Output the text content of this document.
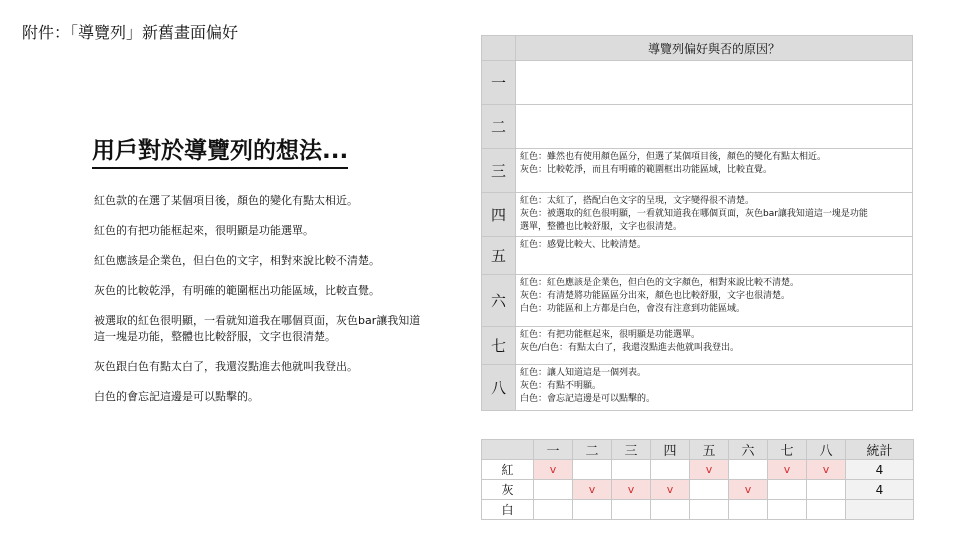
附件：「導覽列」新舊畫面偏好
用戶對於導覽列的想法...

紅色款的在選了某個項目後，顏色的變化有點太相近。

紅色的有把功能框起來，很明顯是功能選單。

紅色應該是企業色，但白色的文字，相對來說比較不清楚。

灰色的比較乾淨，有明確的範圍框出功能區域，比較直覺。

被選取的紅色很明顯，一看就知道我在哪個頁面，灰色bar讓我知道這一塊是功能，整體也比較舒服，文字也很清楚。

灰色跟白色有點太白了，我還沒點進去他就叫我登出。

白色的會忘記這邊是可以點擊的。

	導覽列偏好與否的原因？
一	
二	
三	紅色：雖然也有使用顏色區分，但選了某個項目後，顏色的變化有點太相近。
灰色：比較乾淨，而且有明確的範圍框出功能區域，比較直覺。

四	紅色：太紅了，搭配白色文字的呈現，文字變得很不清楚。
灰色：被選取的紅色很明顯，一看就知道我在哪個頁面，灰色bar讓我知道這一塊是功能
選單，整體也比較舒服，文字也很清楚。

五	紅色：感覺比較大、比較清楚。

六	紅色：紅色應該是企業色，但白色的文字顏色，相對來說比較不清楚。
灰色：有清楚將功能區區分出來，顏色也比較舒服，文字也很清楚。
白色：功能區和上方都是白色，會沒有注意到功能區域。

七	紅色：有把功能框起來，很明顯是功能選單。
灰色/白色：有點太白了，我還沒點進去他就叫我登出。

八	紅色：讓人知道這是一個列表。
灰色：有點不明顯。
白色：會忘記這邊是可以點擊的。
	一	二	三	四	五	六	七	八	統計
紅	v				v		v	v	4
灰		v	v	v		v			4
白									
